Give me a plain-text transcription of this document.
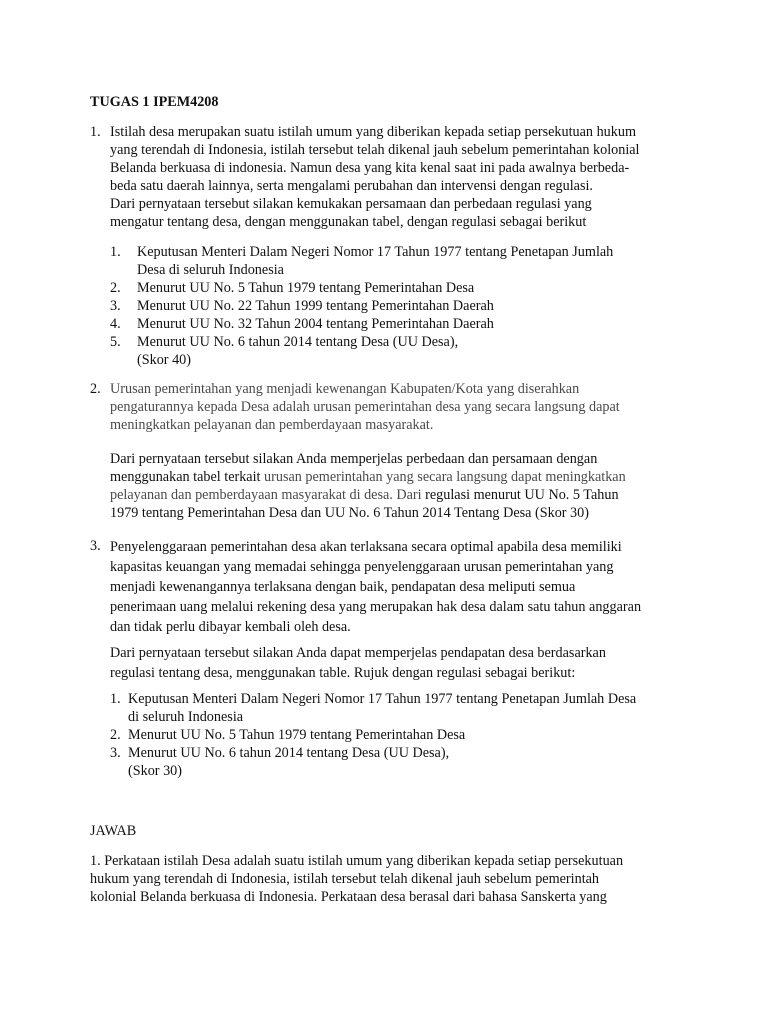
TUGAS 1 IPEM4208
1. Istilah desa merupakan suatu istilah umum yang diberikan kepada setiap persekutuan hukum
yang terendah di Indonesia, istilah tersebut telah dikenal jauh sebelum pemerintahan kolonial
Belanda berkuasa di indonesia. Namun desa yang kita kenal saat ini pada awalnya berbeda-
beda satu daerah lainnya, serta mengalami perubahan dan intervensi dengan regulasi.
Dari pernyataan tersebut silakan kemukakan persamaan dan perbedaan regulasi yang
mengatur tentang desa, dengan menggunakan tabel, dengan regulasi sebagai berikut
1. Keputusan Menteri Dalam Negeri Nomor 17 Tahun 1977 tentang Penetapan Jumlah
Desa di seluruh Indonesia
2. Menurut UU No. 5 Tahun 1979 tentang Pemerintahan Desa
3. Menurut UU No. 22 Tahun 1999 tentang Pemerintahan Daerah
4. Menurut UU No. 32 Tahun 2004 tentang Pemerintahan Daerah
5. Menurut UU No. 6 tahun 2014 tentang Desa (UU Desa),
(Skor 40)
2. Urusan pemerintahan yang menjadi kewenangan Kabupaten/Kota yang diserahkan
pengaturannya kepada Desa adalah urusan pemerintahan desa yang secara langsung dapat
meningkatkan pelayanan dan pemberdayaan masyarakat.
Dari pernyataan tersebut silakan Anda memperjelas perbedaan dan persamaan dengan
menggunakan tabel terkait urusan pemerintahan yang secara langsung dapat meningkatkan
pelayanan dan pemberdayaan masyarakat di desa. Dari regulasi menurut UU No. 5 Tahun
1979 tentang Pemerintahan Desa dan UU No. 6 Tahun 2014 Tentang Desa (Skor 30)
3. Penyelenggaraan pemerintahan desa akan terlaksana secara optimal apabila desa memiliki
kapasitas keuangan yang memadai sehingga penyelenggaraan urusan pemerintahan yang
menjadi kewenangannya terlaksana dengan baik, pendapatan desa meliputi semua
penerimaan uang melalui rekening desa yang merupakan hak desa dalam satu tahun anggaran
dan tidak perlu dibayar kembali oleh desa.
Dari pernyataan tersebut silakan Anda dapat memperjelas pendapatan desa berdasarkan
regulasi tentang desa, menggunakan table. Rujuk dengan regulasi sebagai berikut:
1. Keputusan Menteri Dalam Negeri Nomor 17 Tahun 1977 tentang Penetapan Jumlah Desa
di seluruh Indonesia
2. Menurut UU No. 5 Tahun 1979 tentang Pemerintahan Desa
3. Menurut UU No. 6 tahun 2014 tentang Desa (UU Desa),
(Skor 30)
JAWAB
1. Perkataan istilah Desa adalah suatu istilah umum yang diberikan kepada setiap persekutuan
hukum yang terendah di Indonesia, istilah tersebut telah dikenal jauh sebelum pemerintah
kolonial Belanda berkuasa di Indonesia. Perkataan desa berasal dari bahasa Sanskerta yang
